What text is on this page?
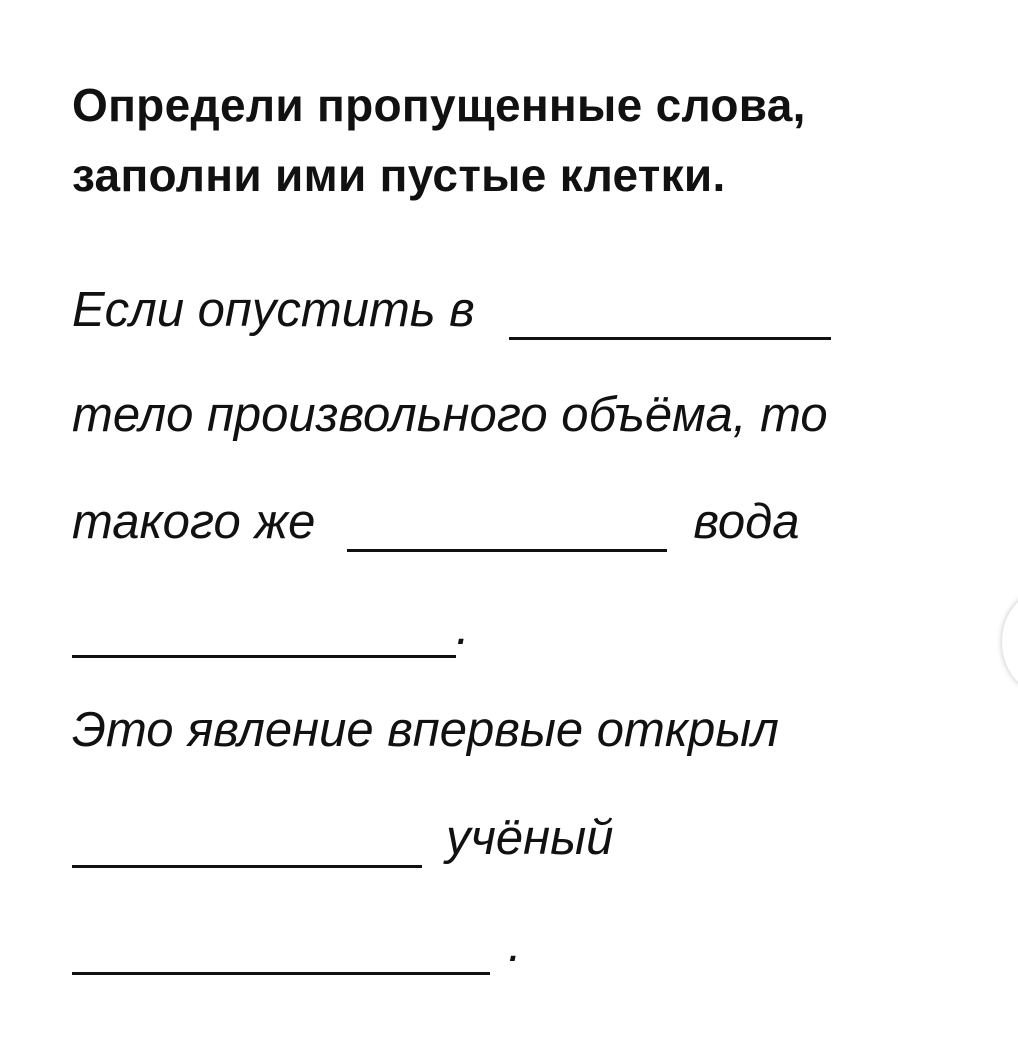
Определи пропущенные слова,
заполни ими пустые клетки.
Если опустить в
тело произвольного объёма, то
такого же	вода
.
Это явление впервые открыл
учёный
.
